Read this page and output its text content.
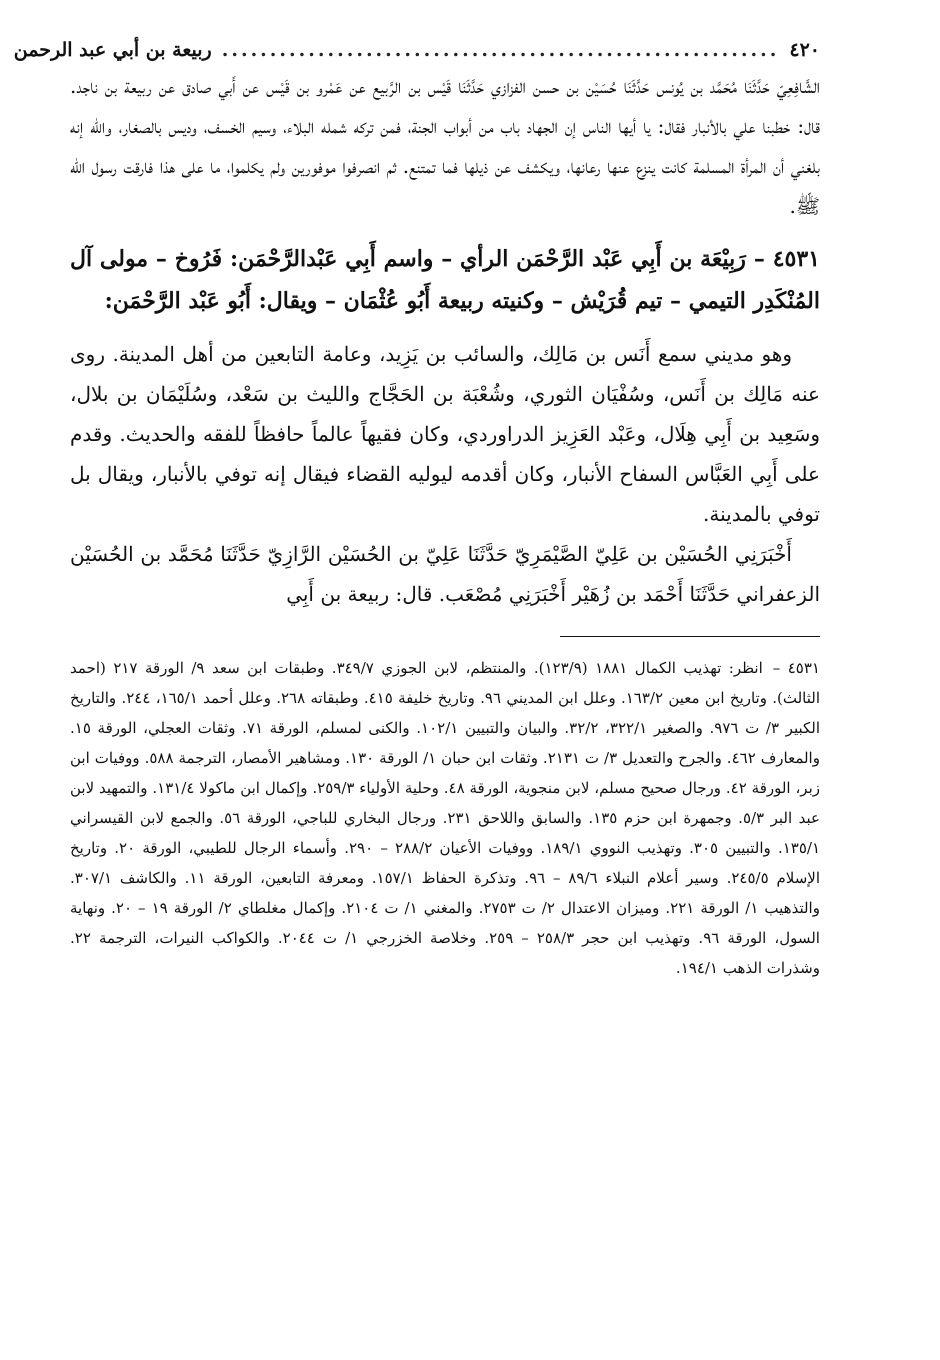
٤٢٠
..........................................................
ربيعة بن أبي عبد الرحمن

الشَّافِعِيّ حَدَّثَنَا مُحَمَّد بن يُونس حَدَّثَنَا حُسَيْن بن حسن الفزازي حَدَّثَنَا قَيْس بن الرَّبيع عن عَمْرو بن قَيْس عن أَبي صادق عن ربيعة بن ناجد. قال: خطبنا علي بالأنبار فقال: يا أيها الناس إن الجهاد باب من أبواب الجنة، فمن تركه شمله البلاء، وسيم الخسف، وديس بالصغار، والله إنه بلغني أن المرأة المسلمة كانت ينزع عنها رعانها، ويكشف عن ذيلها فما تمتنع. ثم انصرفوا موفورين ولم يكلموا، ما على هذا فارقت رسول الله ﷺ.

٤٥٣١ –رَبِيْعَة بن أَبِي عَبْد الرَّحْمَن الرأي – واسم أَبِي عَبْدالرَّحْمَن: فَرُوخ – مولى آل المُنْكَدِر التيمي – تيم قُرَيْش – وكنيته ربيعة أَبُو عُثْمَان – ويقال: أَبُو عَبْد الرَّحْمَن:

وهو مديني سمع أَنَس بن مَالِك، والسائب بن يَزِيد، وعامة التابعين من أهل المدينة. روى عنه مَالِك بن أَنَس، وسُفْيَان الثوري، وشُعْبَة بن الحَجَّاج والليث بن سَعْد، وسُلَيْمَان بن بلال، وسَعِيد بن أَبِي هِلَال، وعَبْد العَزِيز الدراوردي، وكان فقيهاً عالماً حافظاً للفقه والحديث. وقدم على أَبِي العَبَّاس السفاح الأنبار، وكان أقدمه ليوليه القضاء فيقال إنه توفي بالأنبار، ويقال بل توفي بالمدينة.

أَخْبَرَنِي الحُسَيْن بن عَلِيّ الصَّيْمَرِيّ حَدَّثَنَا عَلِيّ بن الحُسَيْن الرَّازِيّ حَدَّثَنَا مُحَمَّد بن الحُسَيْن الزعفراني حَدَّثَنَا أَحْمَد بن زُهَيْر أَخْبَرَنِي مُصْعَب. قال: ربيعة بن أَبِي

٤٥٣١ –انظر: تهذيب الكمال ١٨٨١ (١٢٣/٩). والمنتظم، لابن الجوزي ٣٤٩/٧. وطبقات ابن سعد ٩/ الورقة ٢١٧ (احمد الثالث). وتاريخ ابن معين ١٦٣/٢. وعلل ابن المديني ٩٦. وتاريخ خليفة ٤١٥. وطبقاته ٢٦٨. وعلل أحمد ١٦٥/١، ٢٤٤. والتاريخ الكبير ٣/ ت ٩٧٦. والصغير ٣٢٢/١، ٣٢/٢. والبيان والتبيين ١٠٢/١. والكنى لمسلم، الورقة ٧١. وثقات العجلي، الورقة ١٥. والمعارف ٤٦٢. والجرح والتعديل ٣/ ت ٢١٣١. وثقات ابن حبان ١/ الورقة ١٣٠. ومشاهير الأمصار، الترجمة ٥٨٨. ووفيات ابن زبر، الورقة ٤٢. ورجال صحيح مسلم، لابن منجوية، الورقة ٤٨. وحلية الأولياء ٢٥٩/٣. وإكمال ابن ماكولا ١٣١/٤. والتمهيد لابن عبد البر ٥/٣. وجمهرة ابن حزم ١٣٥. والسابق واللاحق ٢٣١. ورجال البخاري للباجي، الورقة ٥٦. والجمع لابن القيسراني ١٣٥/١. والتبيين ٣٠٥. وتهذيب النووي ١٨٩/١. ووفيات الأعيان ٢٨٨/٢ – ٢٩٠. وأسماء الرجال للطيبي، الورقة ٢٠. وتاريخ الإسلام ٢٤٥/٥. وسير أعلام النبلاء ٨٩/٦ – ٩٦. وتذكرة الحفاظ ١٥٧/١. ومعرفة التابعين، الورقة ١١. والكاشف ٣٠٧/١. والتذهيب ١/ الورقة ٢٢١. وميزان الاعتدال ٢/ ت ٢٧٥٣. والمغني ١/ ت ٢١٠٤. وإكمال مغلطاي ٢/ الورقة ١٩ – ٢٠. ونهاية السول، الورقة ٩٦. وتهذيب ابن حجر ٢٥٨/٣ – ٢٥٩. وخلاصة الخزرجي ١/ ت ٢٠٤٤. والكواكب النيرات، الترجمة ٢٢. وشذرات الذهب ١٩٤/١.
